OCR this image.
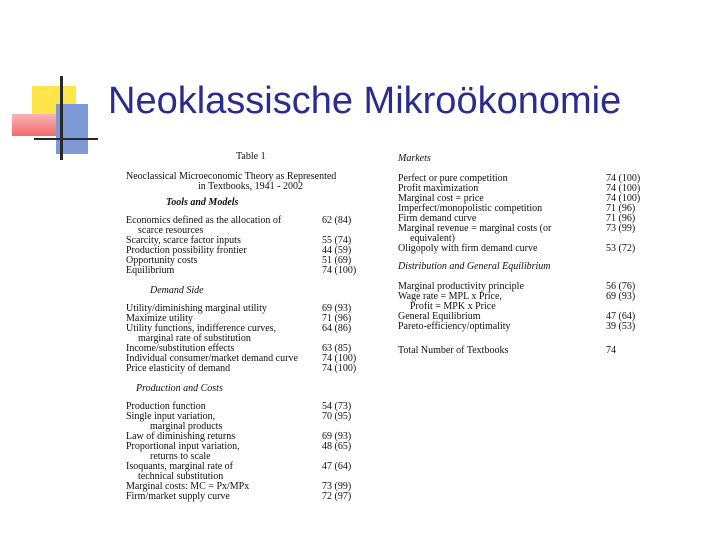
Neoklassische Mikroökonomie
Table 1
Neoclassical Microeconomic Theory as Represented
in Textbooks, 1941 - 2002
Tools and Models
Economics defined as the allocation of	62 (84)
scarce resources
Scarcity, scarce factor inputs	55 (74)
Production possibility frontier	44 (59)
Opportunity costs	51 (69)
Equilibrium	74 (100)
Demand Side
Utility/diminishing marginal utility	69 (93)
Maximize utility	71 (96)
Utility functions, indifference curves,	64 (86)
marginal rate of substitution
Income/substitution effects	63 (85)
Individual consumer/market demand curve 74 (100)
Price elasticity of demand	74 (100)
Production and Costs
Production function	54 (73)
Single input variation,	70 (95)
marginal products
Law of diminishing returns	69 (93)
Proportional input variation,	48 (65)
returns to scale
Isoquants, marginal rate of	47 (64)
technical substitution
Marginal costs: MC = Px/MPx	73 (99)
Firm/market supply curve	72 (97)
Markets
Perfect or pure competition	74 (100)
Profit maximization	74 (100)
Marginal cost = price	74 (100)
Imperfect/monopolistic competition	71 (96)
Firm demand curve	71 (96)
Marginal revenue = marginal costs (or	73 (99)
equivalent)
Oligopoly with firm demand curve	53 (72)
Distribution and General Equilibrium
Marginal productivity principle	56 (76)
Wage rate = MPL x Price,	69 (93)
Profit = MPK x Price
General Equilibrium	47 (64)
Pareto-efficiency/optimality	39 (53)
Total Number of Textbooks	74
